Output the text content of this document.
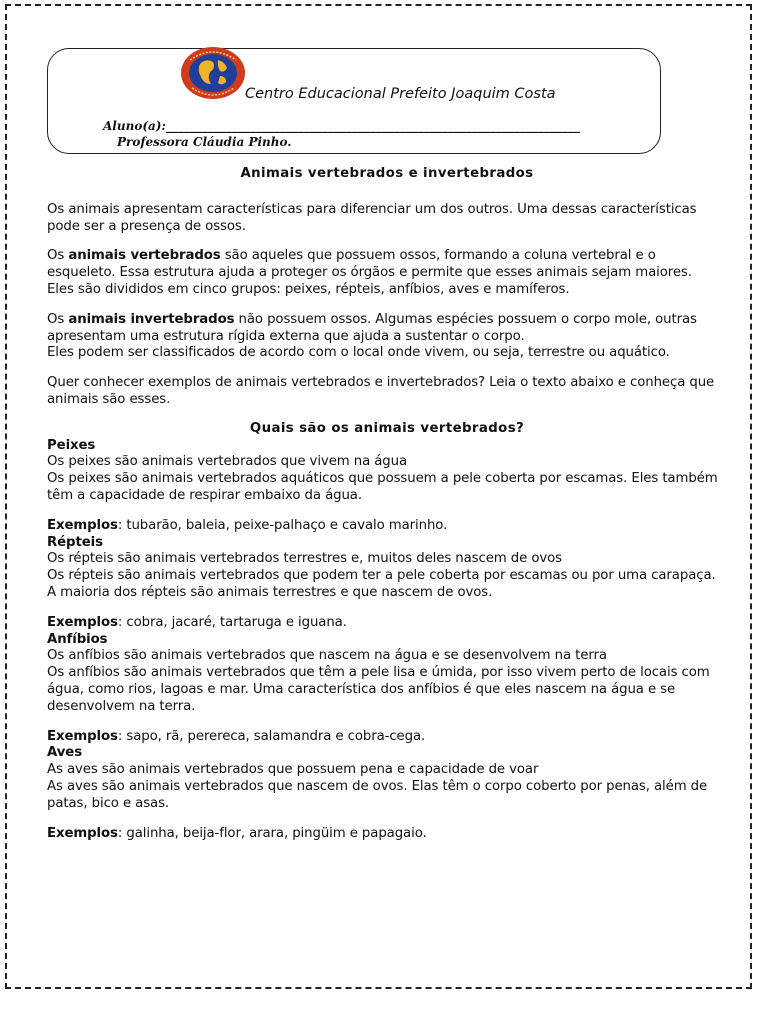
Centro Educacional Prefeito Joaquim Costa
Aluno(a):_____________________________________________________________________
Professora Cláudia Pinho.

Animais vertebrados e invertebrados

Os animais apresentam características para diferenciar um dos outros. Uma dessas características pode ser a presença de ossos.

Os animais vertebrados são aqueles que possuem ossos, formando a coluna vertebral e o esqueleto. Essa estrutura ajuda a proteger os órgãos e permite que esses animais sejam maiores.

Eles são divididos em cinco grupos: peixes, répteis, anfíbios, aves e mamíferos.

Os animais invertebrados não possuem ossos. Algumas espécies possuem o corpo mole, outras apresentam uma estrutura rígida externa que ajuda a sustentar o corpo.

Eles podem ser classificados de acordo com o local onde vivem, ou seja, terrestre ou aquático.

Quer conhecer exemplos de animais vertebrados e invertebrados? Leia o texto abaixo e conheça que animais são esses.

Quais são os animais vertebrados?

Peixes

Os peixes são animais vertebrados que vivem na água

Os peixes são animais vertebrados aquáticos que possuem a pele coberta por escamas. Eles também têm a capacidade de respirar embaixo da água.

Exemplos: tubarão, baleia, peixe-palhaço e cavalo marinho.

Répteis

Os répteis são animais vertebrados terrestres e, muitos deles nascem de ovos

Os répteis são animais vertebrados que podem ter a pele coberta por escamas ou por uma carapaça. A maioria dos répteis são animais terrestres e que nascem de ovos.

Exemplos: cobra, jacaré, tartaruga e iguana.

Anfíbios

Os anfíbios são animais vertebrados que nascem na água e se desenvolvem na terra

Os anfíbios são animais vertebrados que têm a pele lisa e úmida, por isso vivem perto de locais com água, como rios, lagoas e mar. Uma característica dos anfíbios é que eles nascem na água e se desenvolvem na terra.

Exemplos: sapo, rã, perereca, salamandra e cobra-cega.

Aves

As aves são animais vertebrados que possuem pena e capacidade de voar

As aves são animais vertebrados que nascem de ovos. Elas têm o corpo coberto por penas, além de patas, bico e asas.

Exemplos: galinha, beija-flor, arara, pingüim e papagaio.
